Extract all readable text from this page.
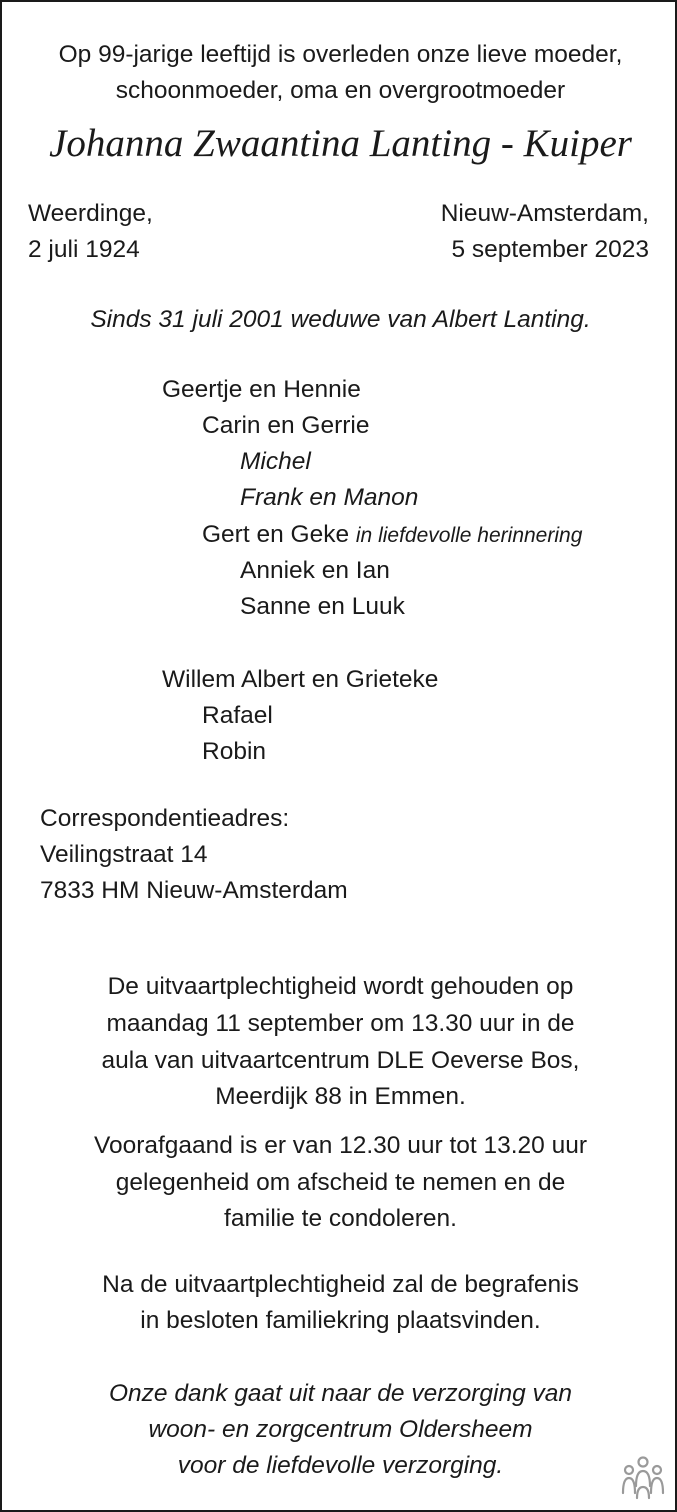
Op 99-jarige leeftijd is overleden onze lieve moeder,
schoonmoeder, oma en overgrootmoeder
Johanna Zwaantina Lanting - Kuiper
Weerdinge,
2 juli 1924
Nieuw-Amsterdam,
5 september 2023
Sinds 31 juli 2001 weduwe van Albert Lanting.
Geertje en Hennie
Carin en Gerrie
Michel
Frank en Manon
Gert en Geke in liefdevolle herinnering
Anniek en Ian
Sanne en Luuk
Willem Albert en Grieteke
Rafael
Robin
Correspondentieadres:
Veilingstraat 14
7833 HM Nieuw-Amsterdam
De uitvaartplechtigheid wordt gehouden op
maandag 11 september om 13.30 uur in de
aula van uitvaartcentrum DLE Oeverse Bos,
Meerdijk 88 in Emmen.
Voorafgaand is er van 12.30 uur tot 13.20 uur
gelegenheid om afscheid te nemen en de
familie te condoleren.
Na de uitvaartplechtigheid zal de begrafenis
in besloten familiekring plaatsvinden.
Onze dank gaat uit naar de verzorging van
woon- en zorgcentrum Oldersheem
voor de liefdevolle verzorging.
